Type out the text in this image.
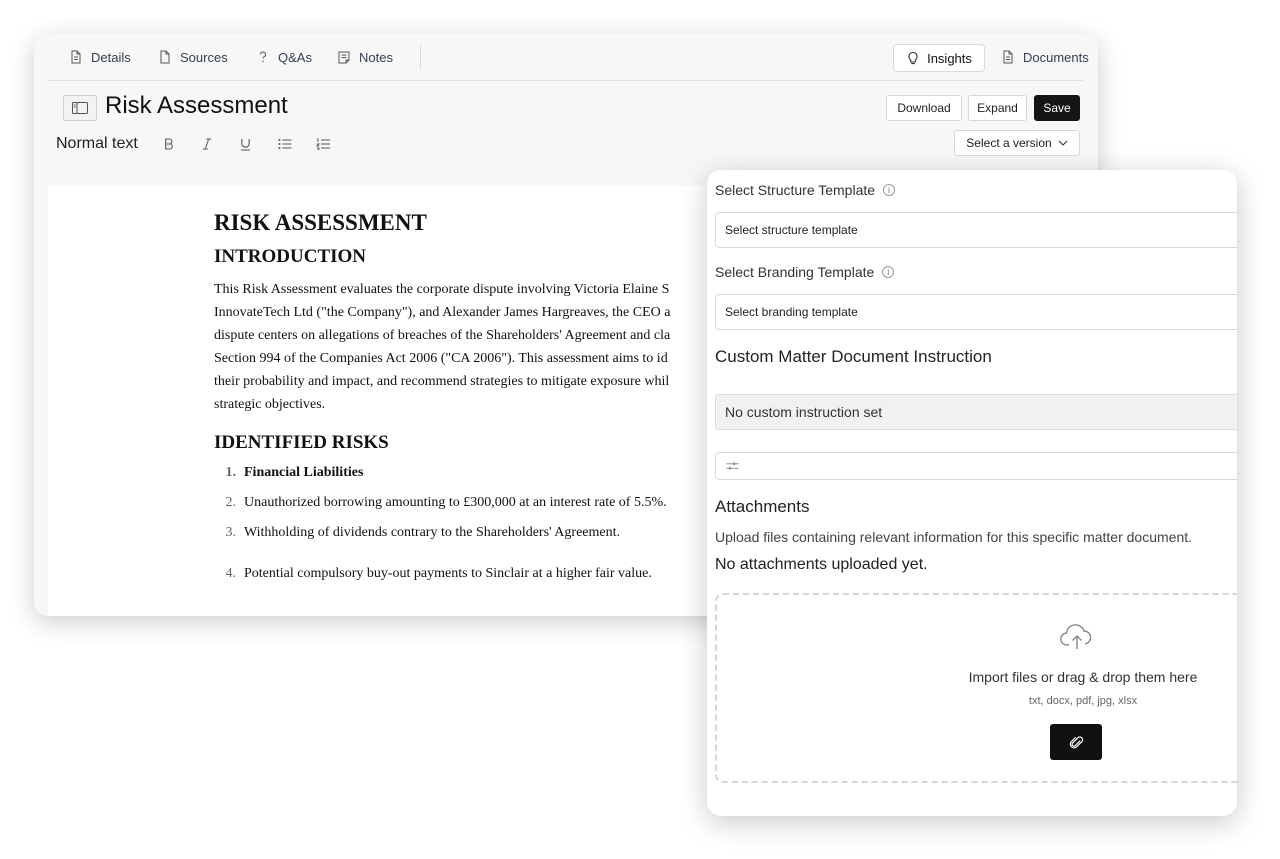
Details	Sources	Q&As	Notes	Insights	Documents
Risk Assessment	Download	Expand	Save
Select a version
Normal text
RISK ASSESSMENT
INTRODUCTION

This Risk Assessment evaluates the corporate dispute involving Victoria Elaine S
InnovateTech Ltd ("the Company"), and Alexander James Hargreaves, the CEO a
dispute centers on allegations of breaches of the Shareholders' Agreement and cla
Section 994 of the Companies Act 2006 ("CA 2006"). This assessment aims to id
their probability and impact, and recommend strategies to mitigate exposure whil
strategic objectives.

IDENTIFIED RISKS
1. Financial Liabilities
2. Unauthorized borrowing amounting to £300,000 at an interest rate of 5.5%.
3. Withholding of dividends contrary to the Shareholders' Agreement.
4. Potential compulsory buy-out payments to Sinclair at a higher fair value.
Select Structure Template	i
Select structure template
Select Branding Template	i
Select branding template
Custom Matter Document Instruction
No custom instruction set
Attachments
Upload files containing relevant information for this specific matter document.
No attachments uploaded yet.
Import files or drag & drop them here
txt, docx, pdf, jpg, xlsx
